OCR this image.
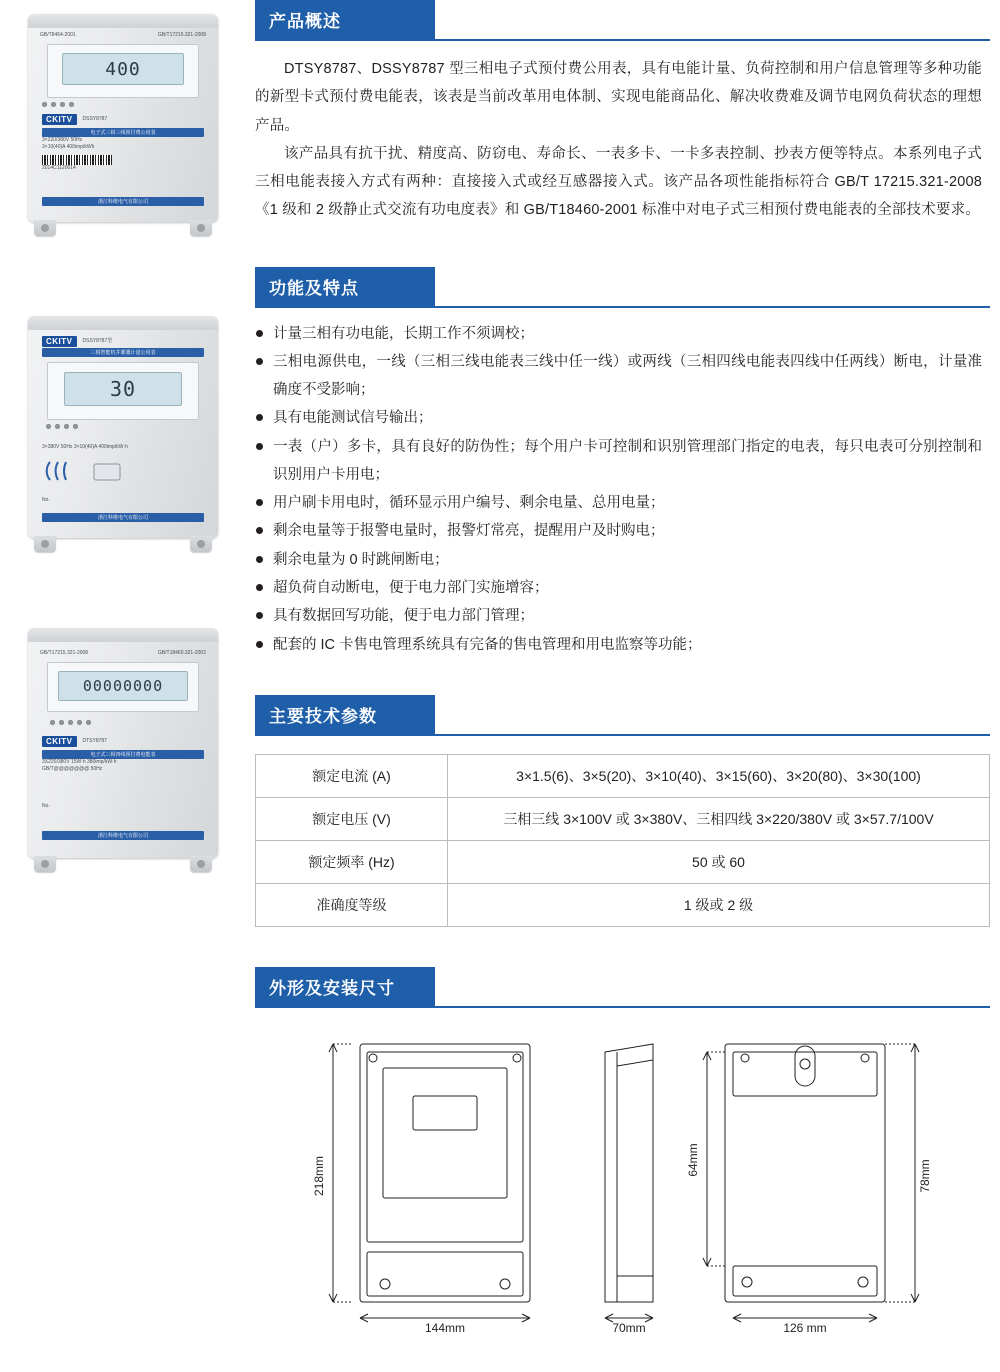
GB/T8464-2001	GB/T17215.321-2008
400
CKITV	DSSY8787
电子式三相三线预付费公用表
3×220/380V 50Hz
3×10(40)A 400imp/kWh
2014C1120014
浙江科维电气有限公司
CKITV	DSSY8787型
三相智能机井灌溉计量公用表
30
3×380V 50Hz 3×10(40)A 400imp/kW·h
No.
浙江科维电气有限公司
GB/T17215.321-2008	GB/T18460.321-2002
00000000
CKITV	DTSY8787
电子式三相四线预付费电能表
3X220/380V 15W·h 380imp/kW·h
GB/T@@@@@@@ 50Hz
No.
浙江科维电气有限公司
产品概述

DTSY8787、DSSY8787 型三相电子式预付费公用表，具有电能计量、负荷控制和用户信息管理等多种功能的新型卡式预付费电能表，该表是当前改革用电体制、实现电能商品化、解决收费难及调节电网负荷状态的理想产品。

该产品具有抗干扰、精度高、防窃电、寿命长、一表多卡、一卡多表控制、抄表方便等特点。本系列电子式三相电能表接入方式有两种：直接接入式或经互感器接入式。该产品各项性能指标符合 GB/T 17215.321-2008《1 级和 2 级静止式交流有功电度表》和 GB/T18460-2001 标准中对电子式三相预付费电能表的全部技术要求。

功能及特点
计量三相有功电能，长期工作不须调校；
三相电源供电，一线（三相三线电能表三线中任一线）或两线（三相四线电能表四线中任两线）断电，计量准确度不受影响；
具有电能测试信号输出；
一表（户）多卡，具有良好的防伪性；每个用户卡可控制和识别管理部门指定的电表，每只电表可分别控制和识别用户卡用电；
用户刷卡用电时，循环显示用户编号、剩余电量、总用电量；
剩余电量等于报警电量时，报警灯常亮，提醒用户及时购电；
剩余电量为 0 时跳闸断电；
超负荷自动断电，便于电力部门实施增容；
具有数据回写功能，便于电力部门管理；
配套的 IC 卡售电管理系统具有完备的售电管理和用电监察等功能；
主要技术参数
额定电流 (A)	3×1.5(6)、3×5(20)、3×10(40)、3×15(60)、3×20(80)、3×30(100)
额定电压 (V)	三相三线 3×100V 或 3×380V、三相四线 3×220/380V 或 3×57.7/100V
额定频率 (Hz)	50 或 60
准确度等级	1 级或 2 级
外形及安装尺寸
218mm
144mm	70mm
64mm	78mm
126 mm
